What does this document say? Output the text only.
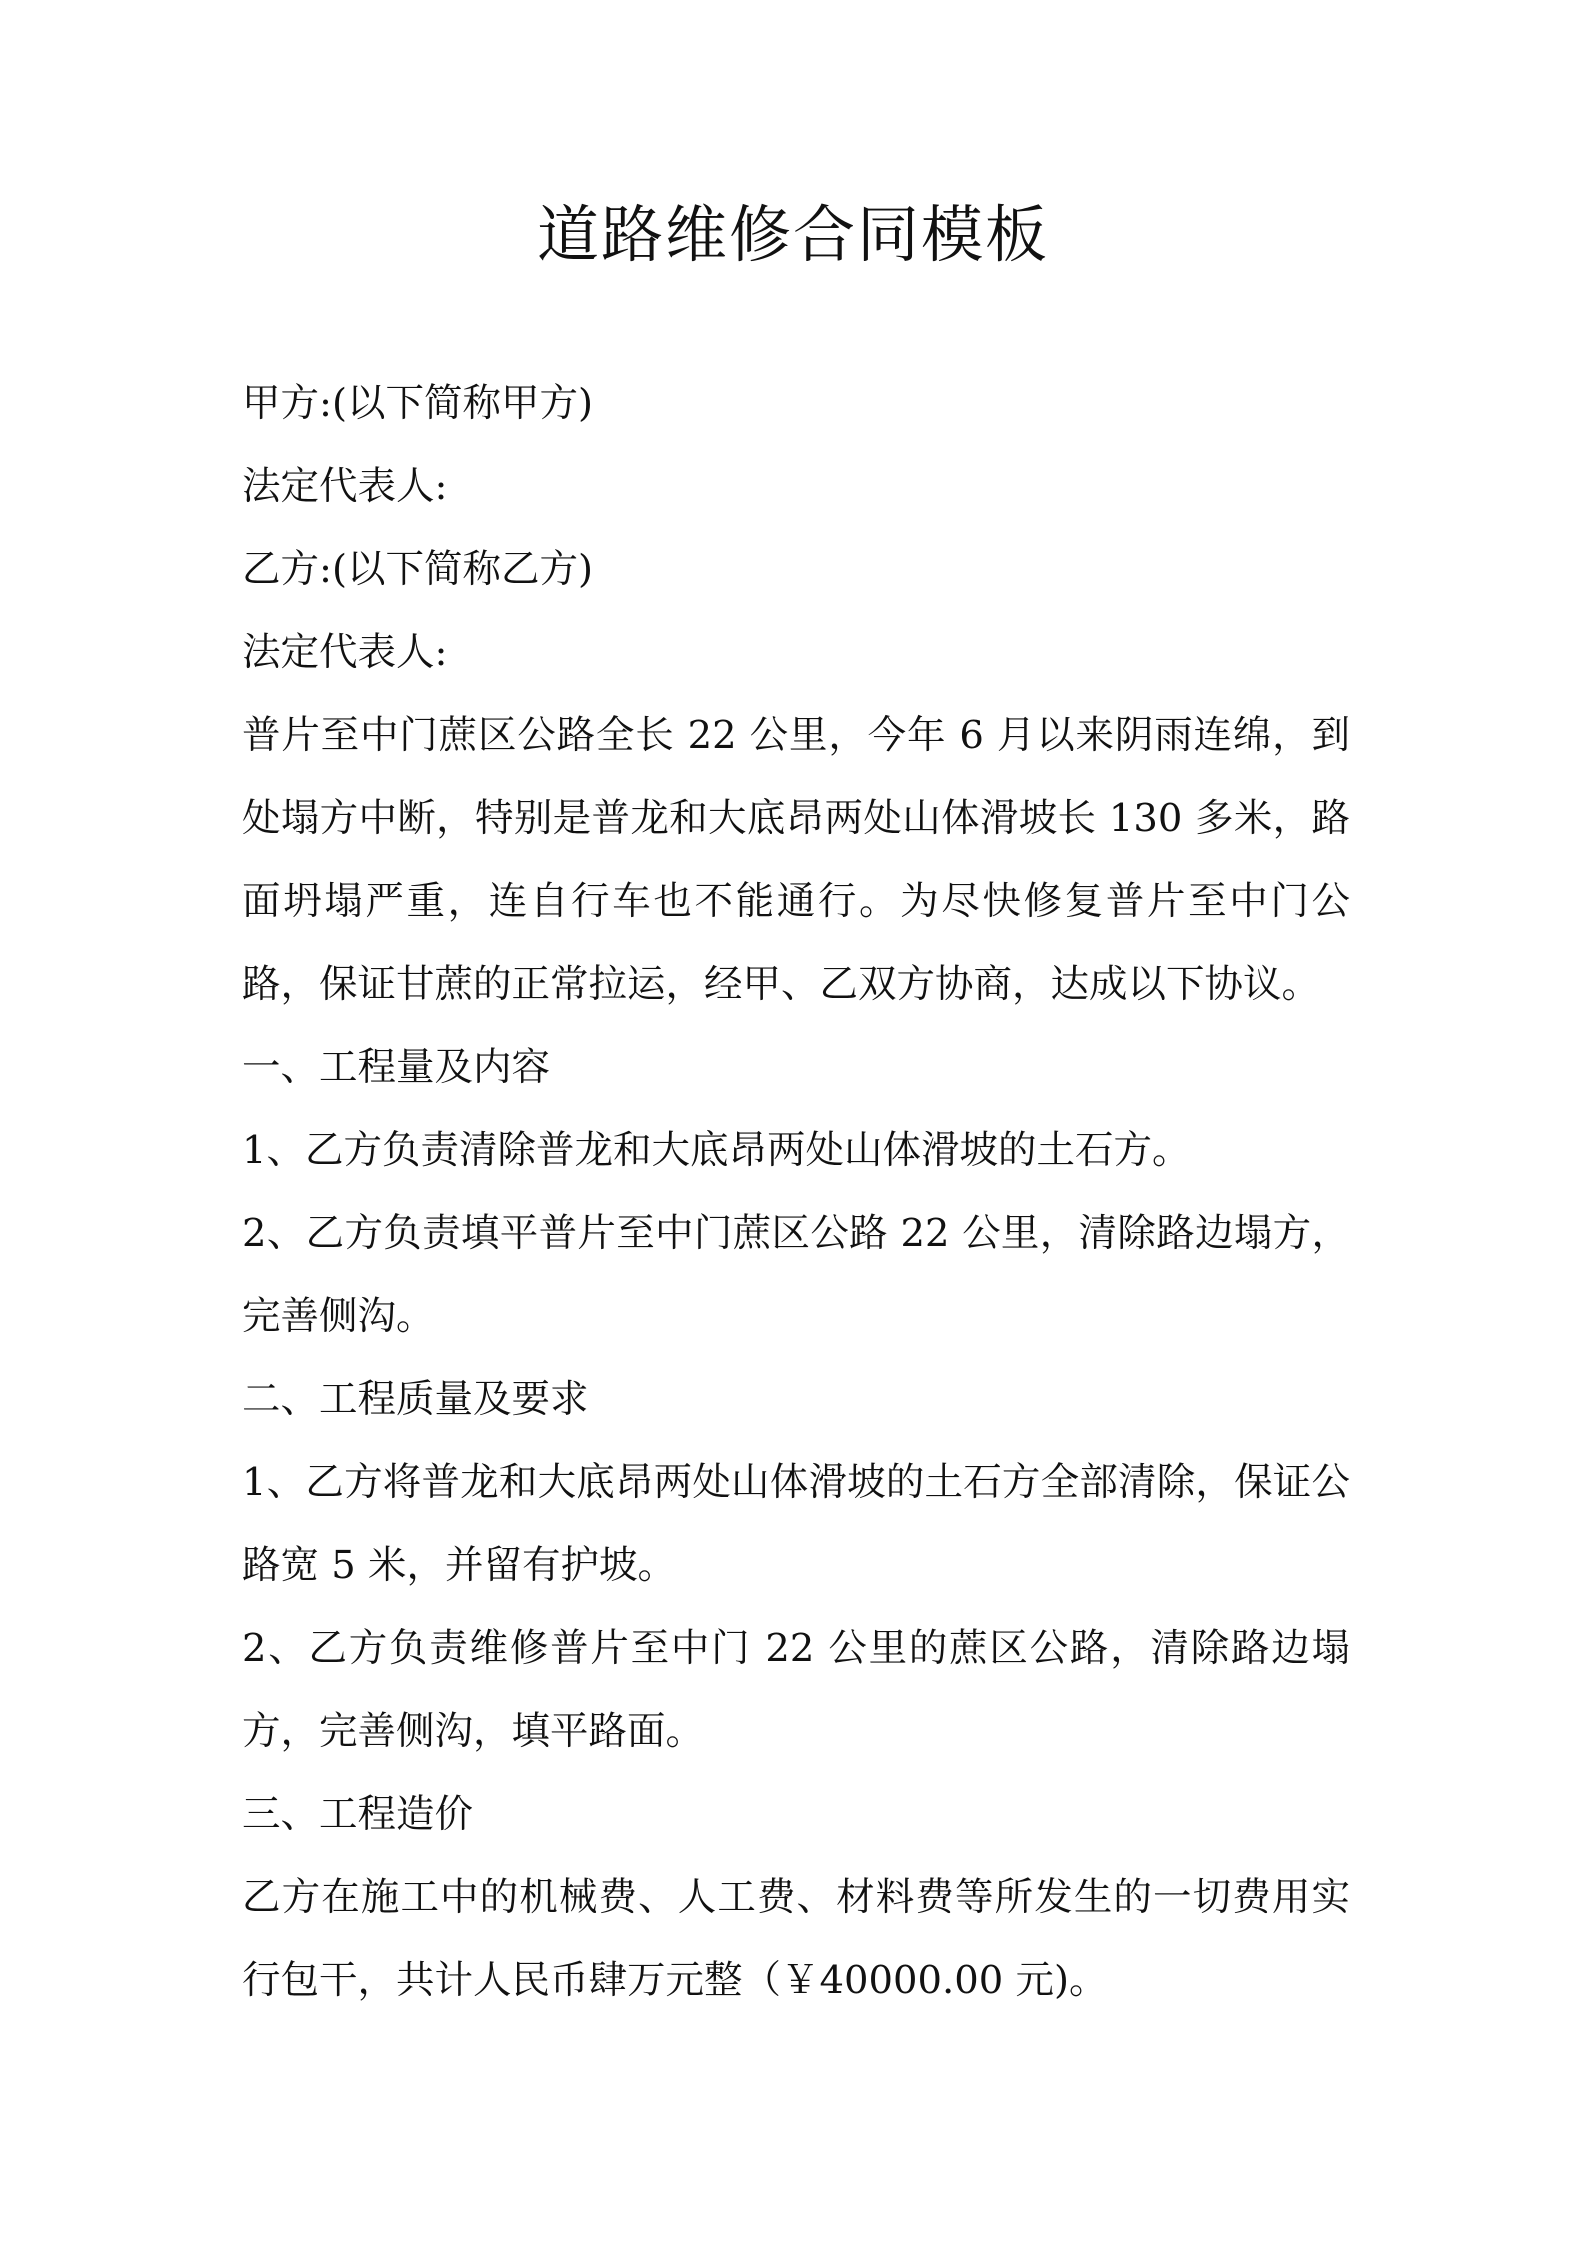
道路维修合同模板

甲方:(以下简称甲方)

法定代表人:

乙方:(以下简称乙方)

法定代表人:

普片至中门蔗区公路全长 22 公里，今年 6 月以来阴雨连绵，到处塌方中断，特别是普龙和大底昂两处山体滑坡长 130 多米，路面坍塌严重，连自行车也不能通行。为尽快修复普片至中门公路，保证甘蔗的正常拉运，经甲、乙双方协商，达成以下协议。

一、工程量及内容

1、乙方负责清除普龙和大底昂两处山体滑坡的土石方。

2、乙方负责填平普片至中门蔗区公路 22 公里，清除路边塌方，完善侧沟。

二、工程质量及要求

1、乙方将普龙和大底昂两处山体滑坡的土石方全部清除，保证公路宽 5 米，并留有护坡。

2、乙方负责维修普片至中门 22 公里的蔗区公路，清除路边塌方，完善侧沟，填平路面。

三、工程造价

乙方在施工中的机械费、人工费、材料费等所发生的一切费用实行包干，共计人民币肆万元整（￥40000.00 元)。
